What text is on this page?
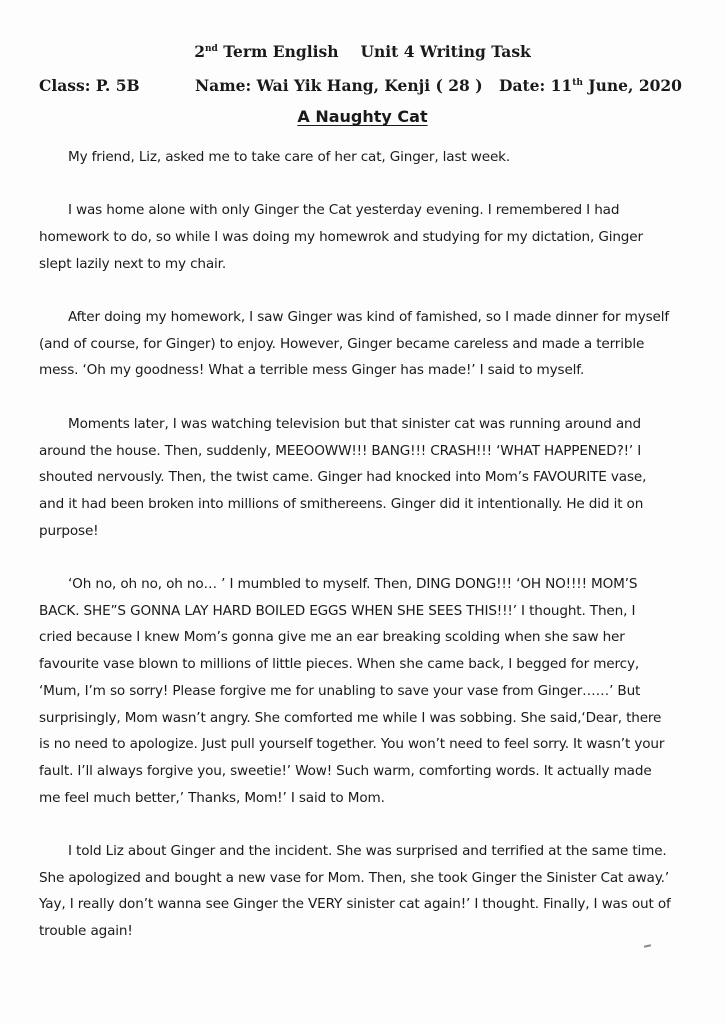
2nd Term English Unit 4 Writing Task
Class: P. 5B	Name: Wai Yik Hang, Kenji ( 28 ) Date: 11th June, 2020
A Naughty Cat

My friend, Liz, asked me to take care of her cat, Ginger, last week.

I was home alone with only Ginger the Cat yesterday evening. I remembered I had homework to do, so while I was doing my homewrok and studying for my dictation, Ginger slept lazily next to my chair.

After doing my homework, I saw Ginger was kind of famished, so I made dinner for myself (and of course, for Ginger) to enjoy. However, Ginger became careless and made a terrible mess. ‘Oh my goodness! What a terrible mess Ginger has made!’ I said to myself.

Moments later, I was watching television but that sinister cat was running around and around the house. Then, suddenly, MEEOOWW!!! BANG!!! CRASH!!! ‘WHAT HAPPENED?!’ I shouted nervously. Then, the twist came. Ginger had knocked into Mom’s FAVOURITE vase, and it had been broken into millions of smithereens. Ginger did it intentionally. He did it on purpose!

‘Oh no, oh no, oh no… ’ I mumbled to myself. Then, DING DONG!!! ‘OH NO!!!! MOM’S BACK. SHE”S GONNA LAY HARD BOILED EGGS WHEN SHE SEES THIS!!!’ I thought. Then, I cried because I knew Mom’s gonna give me an ear breaking scolding when she saw her favourite vase blown to millions of little pieces. When she came back, I begged for mercy, ‘Mum, I’m so sorry! Please forgive me for unabling to save your vase from Ginger……’ But surprisingly, Mom wasn’t angry. She comforted me while I was sobbing. She said,‘Dear, there is no need to apologize. Just pull yourself together. You won’t need to feel sorry. It wasn’t your fault. I’ll always forgive you, sweetie!’ Wow! Such warm, comforting words. It actually made me feel much better,’ Thanks, Mom!’ I said to Mom.

I told Liz about Ginger and the incident. She was surprised and terrified at the same time. She apologized and bought a new vase for Mom. Then, she took Ginger the Sinister Cat away.’ Yay, I really don’t wanna see Ginger the VERY sinister cat again!’ I thought. Finally, I was out of trouble again!
